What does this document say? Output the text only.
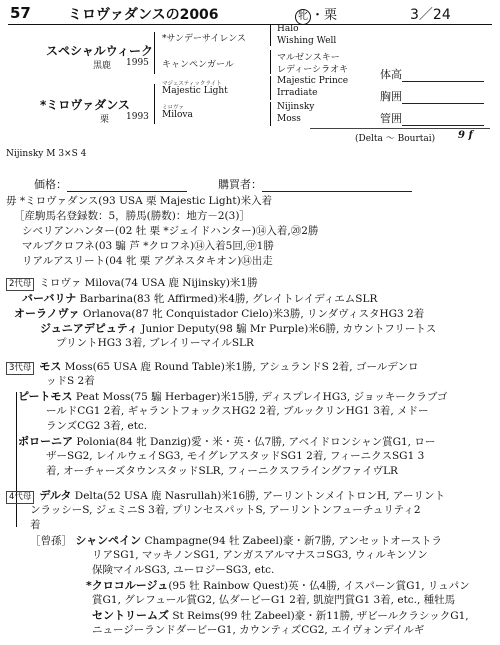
57	ミロヴァダンスの2006	牝 ・栗	3／24
スペシャルウィーク
黒鹿 1995
*サンデーサイレンス
キャンペンガール
*ミロヴァダンス
栗 1993
マジェスティックライト
Majestic Light
ミロヴァ
Milova
Halo
Wishing Well
マルゼンスキー
レディーシラオキ
Majestic Prince
Irradiate
Nijinsky
Moss
体高
胸囲
管囲
(Delta ～ Bourtai) 9 f
Nijinsky M 3×S 4
価格：	購買者：
毋 *ミロヴァダンス(93 USA 栗 Majestic Light)米入着
［産駒馬名登録数：5，勝馬(勝数)：地方－2(3)］
シベリアンハンター(02 牡 栗 *ジェイドハンター)⑭入着,⑳2勝
マルブクロフネ(03 騸 芦 *クロフネ)⑭入着5回,㊥1勝
リアルアスリート(04 牝 栗 アグネスタキオン)⑭出走
2代母 ミロヴァ Milova(74 USA 鹿 Nijinsky)米1勝
バーバリナ Barbarina(83 牝 Affirmed)米4勝, グレイトレイディエムSLR
オーラノヴァ Orlanova(87 牝 Conquistador Cielo)米3勝, リンダヴィスタHG3 2着
ジュニアデピュティ Junior Deputy(98 騸 Mr Purple)米6勝, カウントフリートス
プリントHG3 3着, ブレイリーマイルSLR
3代母 モス Moss(65 USA 鹿 Round Table)米1勝, アシュランドS 2着, ゴールデンロ
ッドS 2着
ピートモス Peat Moss(75 騸 Herbager)米15勝, ディスプレイHG3, ジョッキークラブゴ
ールドCG1 2着, ギャラントフォックスHG2 2着, ブルックリンHG1 3着, メドー
ランズCG2 3着, etc.
ポローニア Polonia(84 牝 Danzig)愛・米・英・仏7勝, アベイドロンシャン賞G1, ロー
ザーSG2, レイルウェイSG3, モイグレアスタッドSG1 2着, フィーニクスSG1 3
着, オーチャーズタウンスタッドSLR, フィーニクスフライングファイヴLR
4代母 デルタ Delta(52 USA 鹿 Nasrullah)米16勝, アーリントンメイトロンH, アーリント
ンラッシーS, ジェミニS 3着, プリンセスパットS, アーリントンフューチュリティ2
着
［曾孫］ シャンペイン Champagne(94 牡 Zabeel)豪・新7勝, アンセットオーストラ
リアSG1, マッキノンSG1, アンガスアルマナスコSG3, ウィルキンソン
保険マイルSG3, ユーロジーSG3, etc.
*クロコルージュ(95 牡 Rainbow Quest)英・仏4勝, イスパーン賞G1, リュパン
賞G1, グレフュール賞G2, 仏ダービーG1 2着, 凱旋門賞G1 3着, etc., 種牡馬
セントリームズ St Reims(99 牡 Zabeel)豪・新11勝, ザビールクラシックG1,
ニュージーランドダービーG1, カウンティズCG2, エイヴォンデイルギ
